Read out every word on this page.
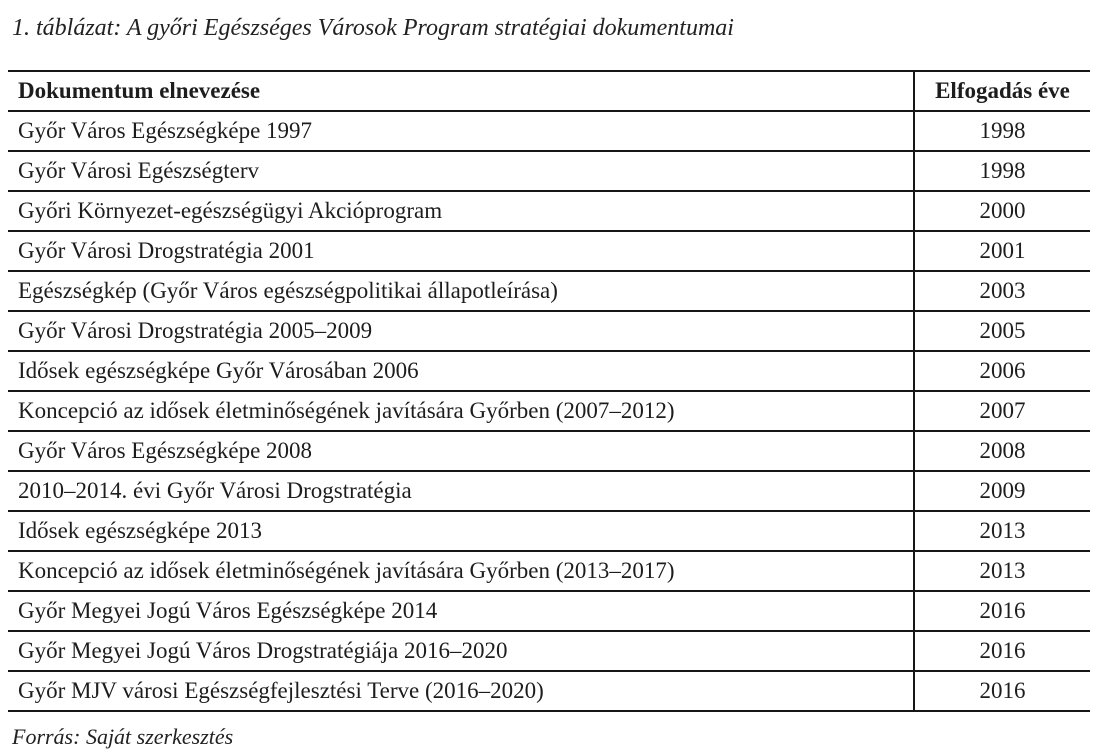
1. táblázat: A győri Egészséges Városok Program stratégiai dokumentumai
Dokumentum elnevezése	Elfogadás éve
Győr Város Egészségképe 1997	1998
Győr Városi Egészségterv	1998
Győri Környezet-egészségügyi Akcióprogram	2000
Győr Városi Drogstratégia 2001	2001
Egészségkép (Győr Város egészségpolitikai állapotleírása)	2003
Győr Városi Drogstratégia 2005–2009	2005
Idősek egészségképe Győr Városában 2006	2006
Koncepció az idősek életminőségének javítására Győrben (2007–2012)	2007
Győr Város Egészségképe 2008	2008
2010–2014. évi Győr Városi Drogstratégia	2009
Idősek egészségképe 2013	2013
Koncepció az idősek életminőségének javítására Győrben (2013–2017)	2013
Győr Megyei Jogú Város Egészségképe 2014	2016
Győr Megyei Jogú Város Drogstratégiája 2016–2020	2016
Győr MJV városi Egészségfejlesztési Terve (2016–2020)	2016
Forrás: Saját szerkesztés
